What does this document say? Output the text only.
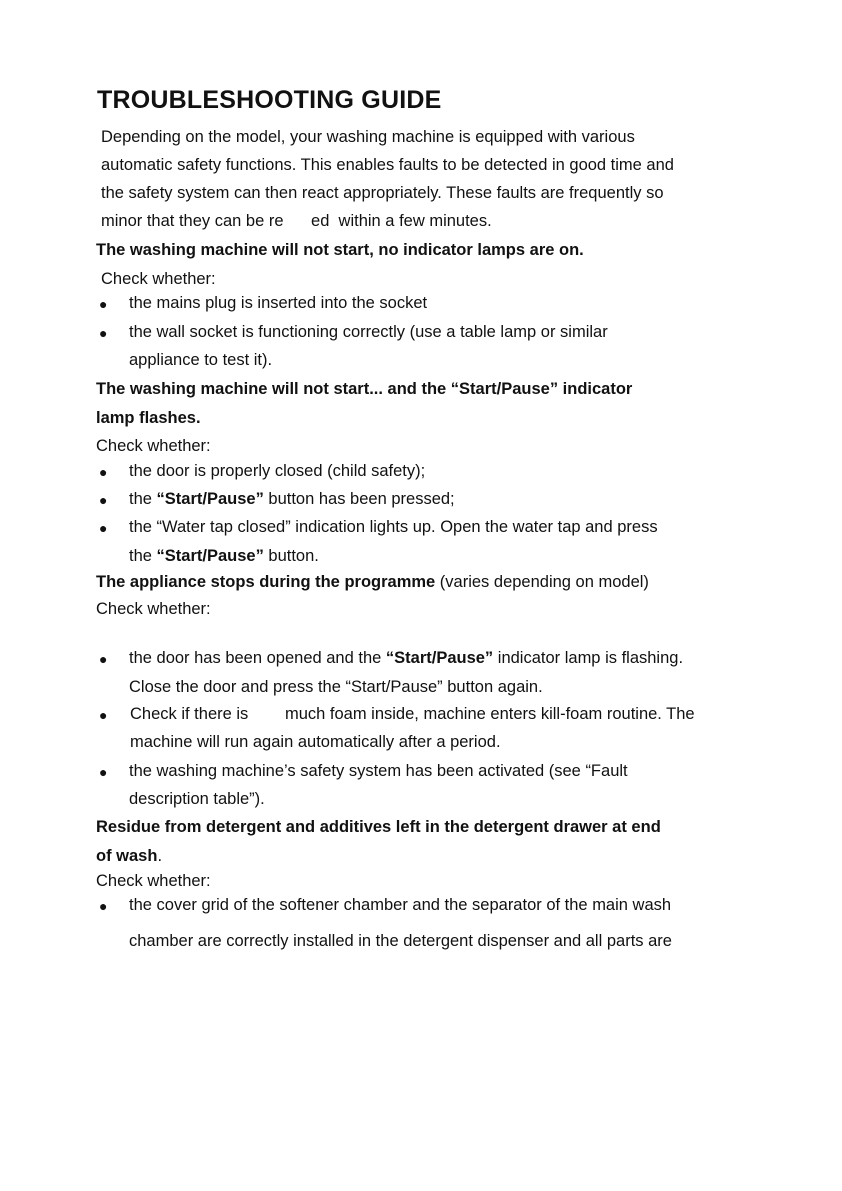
TROUBLESHOOTING GUIDE
Depending on the model, your washing machine is equipped with various
automatic safety functions. This enables faults to be detected in good time and
the safety system can then react appropriately. These faults are frequently so
minor that they can be re      ed  within a few minutes.
The washing machine will not start, no indicator lamps are on.
Check whether:
● the mains plug is inserted into the socket
● the wall socket is functioning correctly (use a table lamp or similar
appliance to test it).
The washing machine will not start... and the “Start/Pause” indicator
lamp flashes.
Check whether:
● the door is properly closed (child safety);
● the “Start/Pause” button has been pressed;
● the “Water tap closed” indication lights up. Open the water tap and press
the “Start/Pause” button.
The appliance stops during the programme (varies depending on model)
Check whether:
● the door has been opened and the “Start/Pause” indicator lamp is flashing.
Close the door and press the “Start/Pause” button again.
● Check if there is        much foam inside, machine enters kill-foam routine. The
machine will run again automatically after a period.
● the washing machine’s safety system has been activated (see “Fault
description table”).
Residue from detergent and additives left in the detergent drawer at end
of wash.
Check whether:
● the cover grid of the softener chamber and the separator of the main wash
chamber are correctly installed in the detergent dispenser and all parts are
